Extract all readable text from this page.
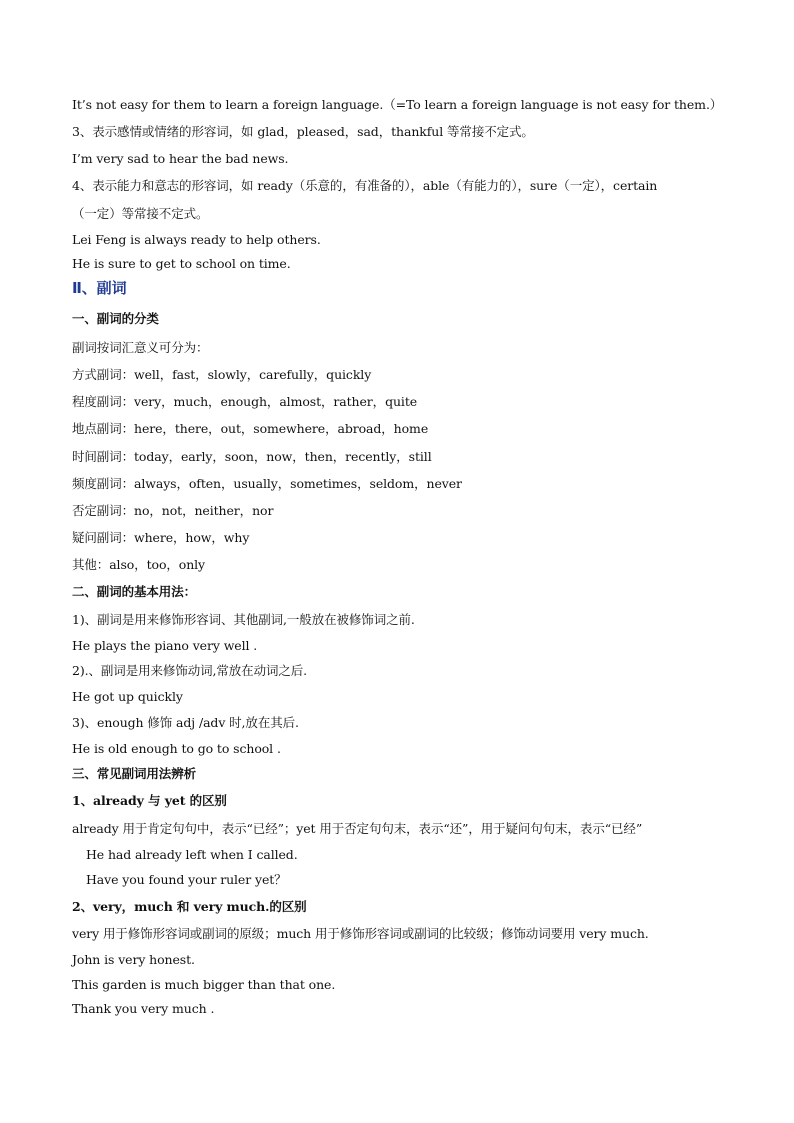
It’s not easy for them to learn a foreign language.（=To learn a foreign language is not easy for them.）
3、表示感情或情绪的形容词，如 glad，pleased，sad，thankful 等常接不定式。
I’m very sad to hear the bad news.
4、表示能力和意志的形容词，如 ready（乐意的，有准备的），able（有能力的），sure（一定），certain
（一定）等常接不定式。
Lei Feng is always ready to help others.
He is sure to get to school on time.
Ⅱ、副词
一、副词的分类
副词按词汇意义可分为：
方式副词：well，fast，slowly，carefully，quickly
程度副词：very，much，enough，almost，rather，quite
地点副词：here，there，out，somewhere，abroad，home
时间副词：today，early，soon，now，then，recently，still
频度副词：always，often，usually，sometimes，seldom，never
否定副词：no，not，neither，nor
疑问副词：where，how，why
其他：also，too，only
二、副词的基本用法：
1)、副词是用来修饰形容词、其他副词,一般放在被修饰词之前.
He plays the piano very well .
2).、副词是用来修饰动词,常放在动词之后.
He got up quickly
3)、enough 修饰 adj /adv 时,放在其后.
He is old enough to go to school .
三、常见副词用法辨析
1、already 与 yet 的区别
already 用于肯定句句中，表示“已经”；yet 用于否定句句末，表示“还”，用于疑问句句末，表示“已经”
He had already left when I called.
Have you found your ruler yet？
2、very，much 和 very much.的区别
very 用于修饰形容词或副词的原级；much 用于修饰形容词或副词的比较级；修饰动词要用 very much.
John is very honest.
This garden is much bigger than that one.
Thank you very much .
